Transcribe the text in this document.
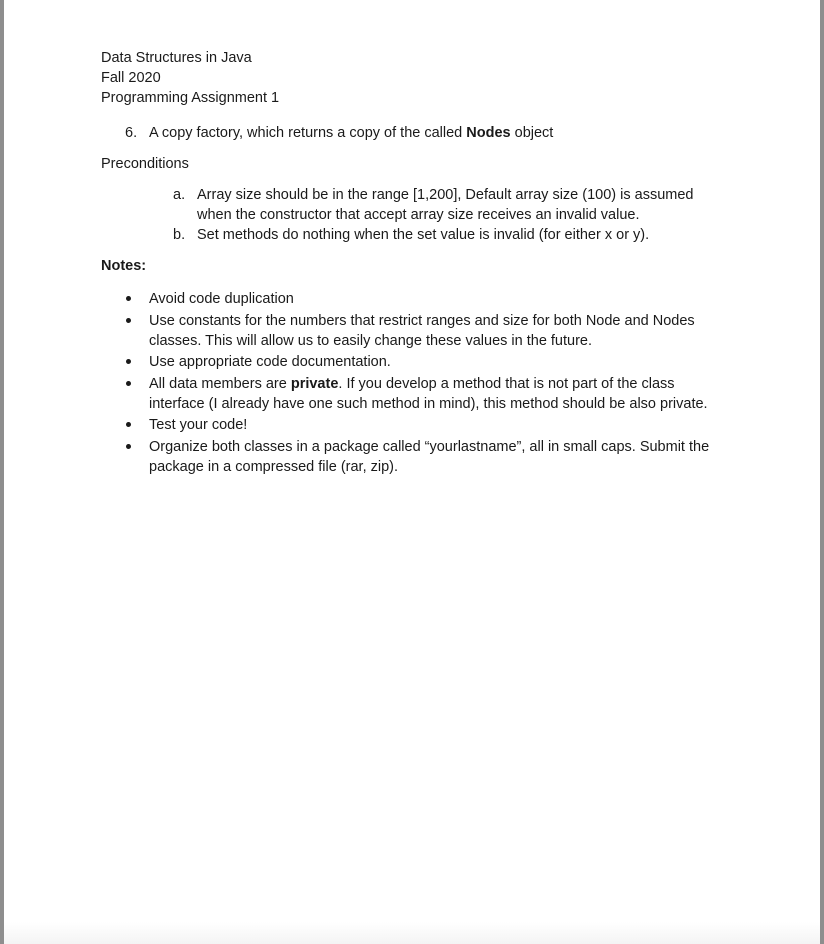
Data Structures in Java
Fall 2020
Programming Assignment 1
6. A copy factory, which returns a copy of the called Nodes object
Preconditions
a. Array size should be in the range [1,200], Default array size (100) is assumed when the constructor that accept array size receives an invalid value.
b. Set methods do nothing when the set value is invalid (for either x or y).
Notes:
Avoid code duplication
Use constants for the numbers that restrict ranges and size for both Node and Nodes classes. This will allow us to easily change these values in the future.
Use appropriate code documentation.
All data members are private. If you develop a method that is not part of the class interface (I already have one such method in mind), this method should be also private.
Test your code!
Organize both classes in a package called “yourlastname”, all in small caps. Submit the package in a compressed file (rar, zip).
